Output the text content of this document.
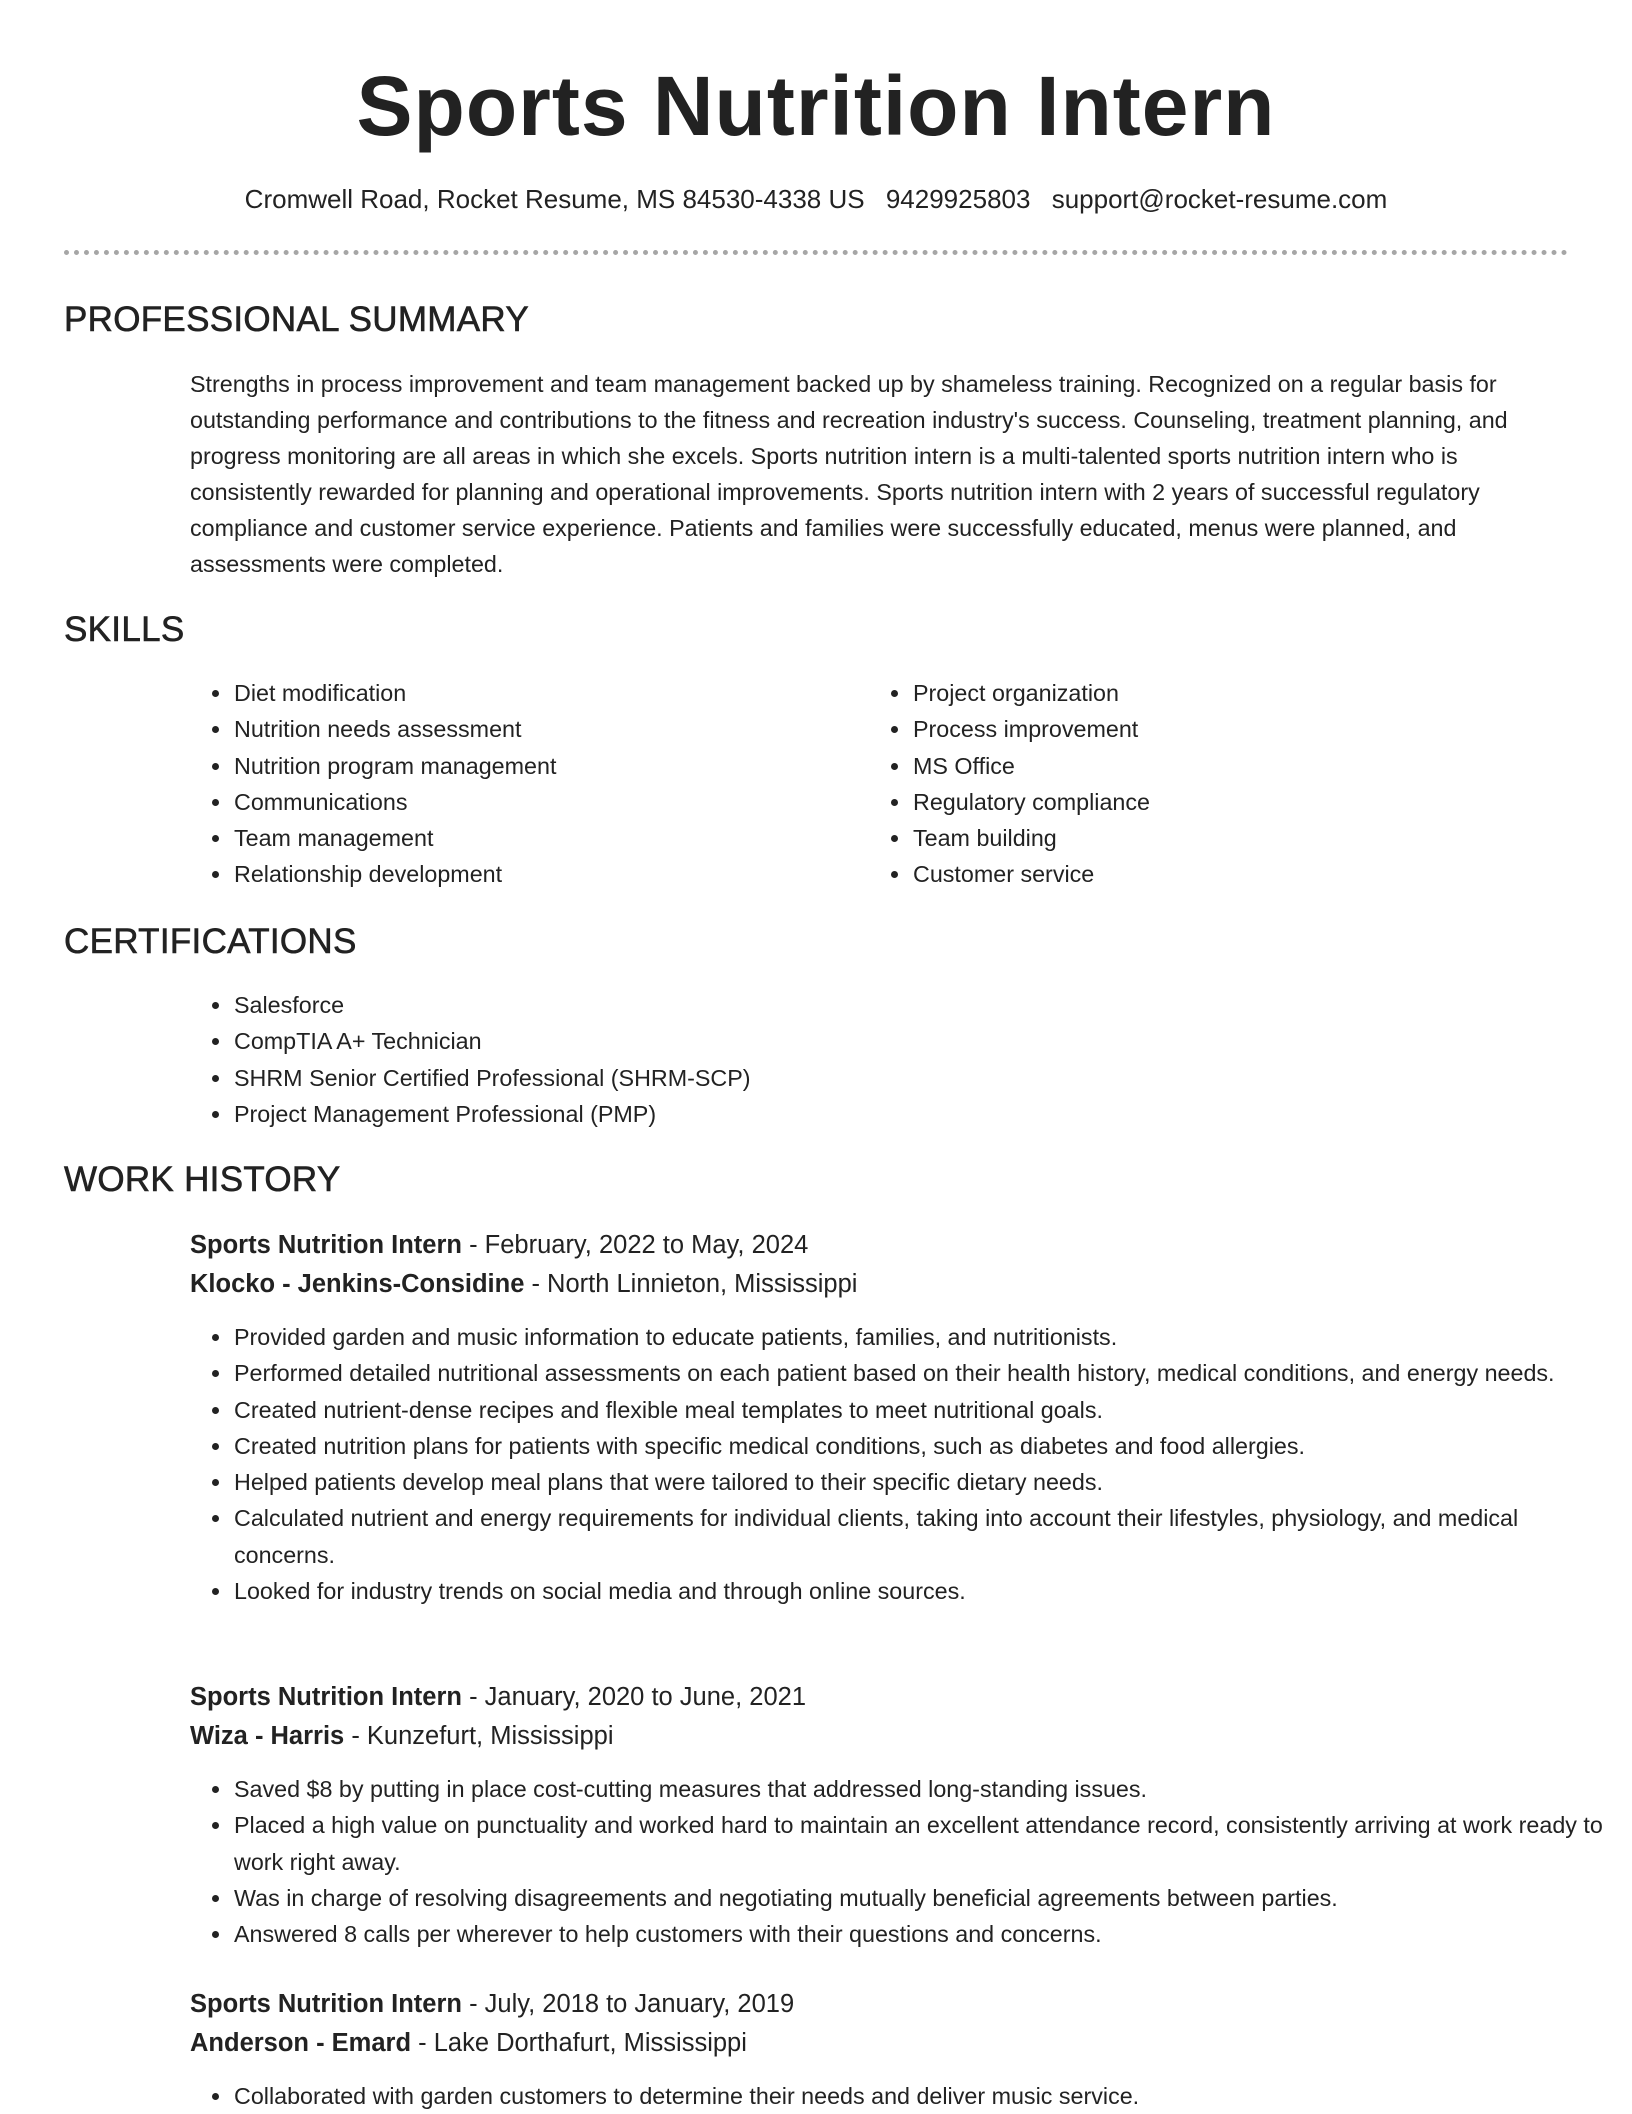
Sports Nutrition Intern
Cromwell Road, Rocket Resume, MS 84530-4338 US 9429925803 support@rocket-resume.com
PROFESSIONAL SUMMARY
Strengths in process improvement and team management backed up by shameless training. Recognized on a regular basis for outstanding performance and contributions to the fitness and recreation industry's success. Counseling, treatment planning, and progress monitoring are all areas in which she excels. Sports nutrition intern is a multi-talented sports nutrition intern who is consistently rewarded for planning and operational improvements. Sports nutrition intern with 2 years of successful regulatory compliance and customer service experience. Patients and families were successfully educated, menus were planned, and assessments were completed.
SKILLS
• Diet modification
• Nutrition needs assessment
• Nutrition program management
• Communications
• Team management
• Relationship development
• Project organization
• Process improvement
• MS Office
• Regulatory compliance
• Team building
• Customer service
CERTIFICATIONS
• Salesforce
• CompTIA A+ Technician
• SHRM Senior Certified Professional (SHRM-SCP)
• Project Management Professional (PMP)
WORK HISTORY
Sports Nutrition Intern - February, 2022 to May, 2024
Klocko - Jenkins-Considine - North Linnieton, Mississippi
• Provided garden and music information to educate patients, families, and nutritionists.
• Performed detailed nutritional assessments on each patient based on their health history, medical conditions, and energy needs.
• Created nutrient-dense recipes and flexible meal templates to meet nutritional goals.
• Created nutrition plans for patients with specific medical conditions, such as diabetes and food allergies.
• Helped patients develop meal plans that were tailored to their specific dietary needs.
• Calculated nutrient and energy requirements for individual clients, taking into account their lifestyles, physiology, and medical concerns.
• Looked for industry trends on social media and through online sources.
Sports Nutrition Intern - January, 2020 to June, 2021
Wiza - Harris - Kunzefurt, Mississippi
• Saved $8 by putting in place cost-cutting measures that addressed long-standing issues.
• Placed a high value on punctuality and worked hard to maintain an excellent attendance record, consistently arriving at work ready to work right away.
• Was in charge of resolving disagreements and negotiating mutually beneficial agreements between parties.
• Answered 8 calls per wherever to help customers with their questions and concerns.
Sports Nutrition Intern - July, 2018 to January, 2019
Anderson - Emard - Lake Dorthafurt, Mississippi
• Collaborated with garden customers to determine their needs and deliver music service.
